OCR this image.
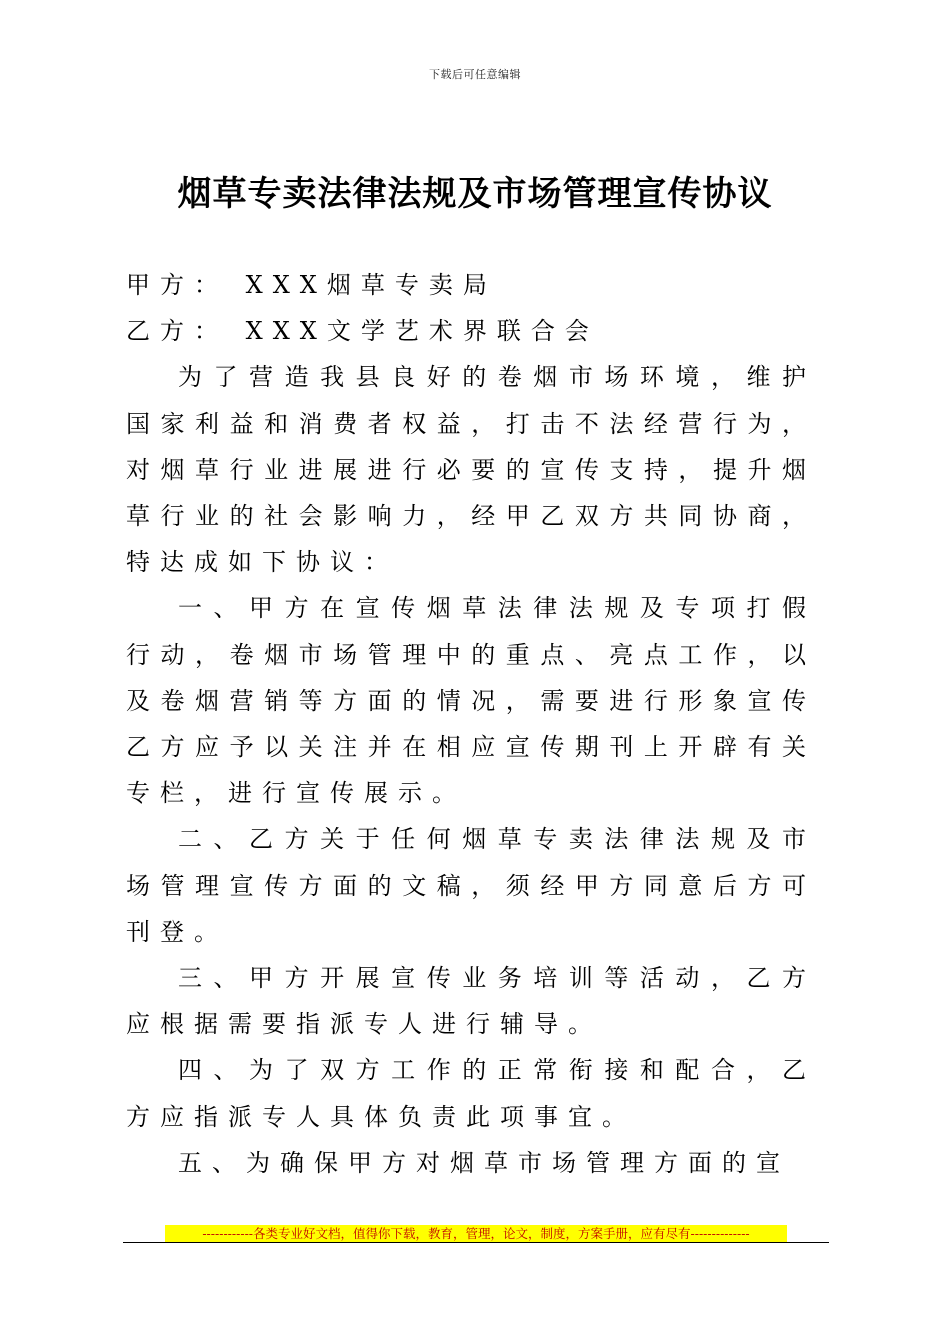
下载后可任意编辑
烟草专卖法律法规及市场管理宣传协议
甲方： XXX烟草专卖局
乙方： XXX文学艺术界联合会

为了营造我县良好的卷烟市场环境，维护国家利益和消费者权益，打击不法经营行为，对烟草行业进展进行必要的宣传支持，提升烟草行业的社会影响力，经甲乙双方共同协商，特达成如下协议：

一、甲方在宣传烟草法律法规及专项打假行动，卷烟市场管理中的重点、亮点工作，以及卷烟营销等方面的情况，需要进行形象宣传乙方应予以关注并在相应宣传期刊上开辟有关专栏，进行宣传展示。

二、乙方关于任何烟草专卖法律法规及市场管理宣传方面的文稿，须经甲方同意后方可刊登。

三、甲方开展宣传业务培训等活动，乙方应根据需要指派专人进行辅导。

四、为了双方工作的正常衔接和配合，乙方应指派专人具体负责此项事宜。

五、为确保甲方对烟草市场管理方面的宣

------------各类专业好文档，值得你下载，教育，管理，论文，制度，方案手册，应有尽有--------------
